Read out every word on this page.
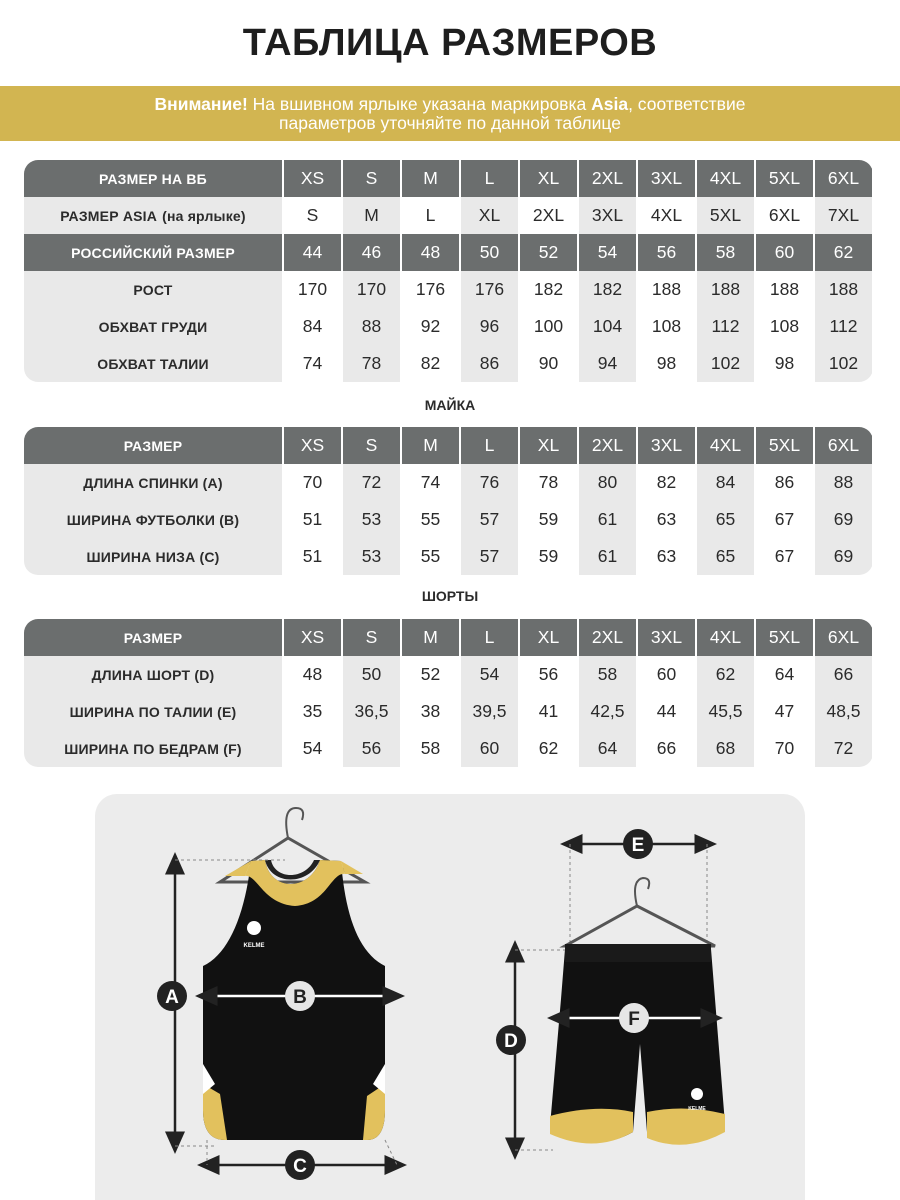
ТАБЛИЦА РАЗМЕРОВ
Внимание! На вшивном ярлыке указана маркировка Asia, соответствие
параметров уточняйте по данной таблице
РАЗМЕР НА ВБ	XS	S	M	L	XL	2XL	3XL	4XL	5XL	6XL
РАЗМЕР ASIA (на ярлыке)	S	M	L	XL	2XL	3XL	4XL	5XL	6XL	7XL
РОССИЙСКИЙ РАЗМЕР	44	46	48	50	52	54	56	58	60	62
РОСТ	170	170	176	176	182	182	188	188	188	188
ОБХВАТ ГРУДИ	84	88	92	96	100	104	108	112	108	112
ОБХВАТ ТАЛИИ	74	78	82	86	90	94	98	102	98	102
МАЙКА
РАЗМЕР	XS	S	M	L	XL	2XL	3XL	4XL	5XL	6XL
ДЛИНА СПИНКИ (А)	70	72	74	76	78	80	82	84	86	88
ШИРИНА ФУТБОЛКИ (В)	51	53	55	57	59	61	63	65	67	69
ШИРИНА НИЗА (С)	51	53	55	57	59	61	63	65	67	69
ШОРТЫ
РАЗМЕР	XS	S	M	L	XL	2XL	3XL	4XL	5XL	6XL
ДЛИНА ШОРТ (D)	48	50	52	54	56	58	60	62	64	66
ШИРИНА ПО ТАЛИИ (Е)	35	36,5	38	39,5	41	42,5	44	45,5	47	48,5
ШИРИНА ПО БЕДРАМ (F)	54	56	58	60	62	64	66	68	70	72
KELME
A	B
C
E
KELME
D
F
